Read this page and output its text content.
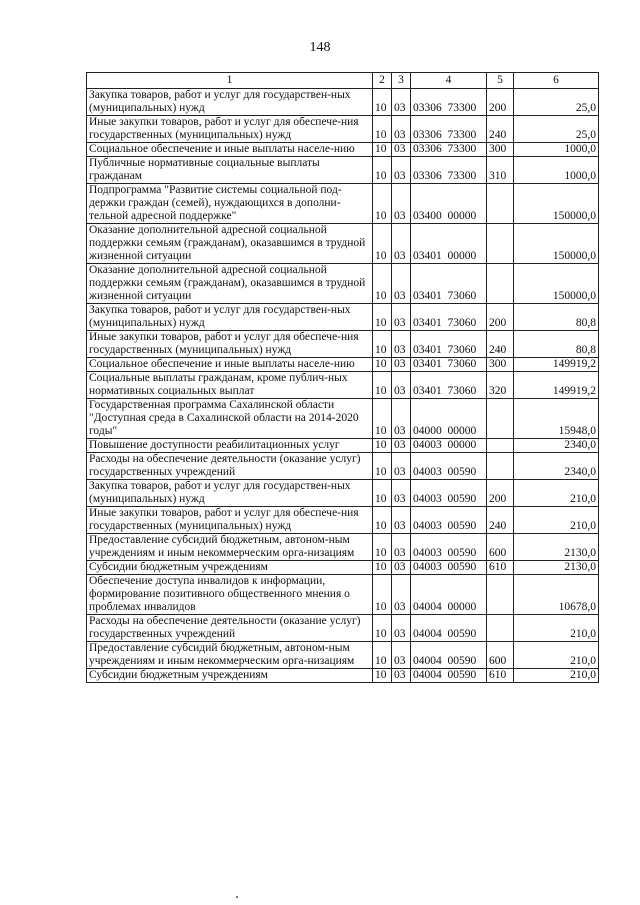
148
1	2	3	4	5	6
Закупка товаров, работ и услуг для государствен-ных (муниципальных) нужд	10	03	03306  73300	200	25,0
Иные закупки товаров, работ и услуг для обеспече-ния государственных (муниципальных) нужд	10	03	03306  73300	240	25,0
Социальное обеспечение и иные выплаты населе-нию	10	03	03306  73300	300	1000,0
Публичные нормативные социальные выплаты гражданам	10	03	03306  73300	310	1000,0
Подпрограмма "Развитие системы социальной под-держки граждан (семей), нуждающихся в дополни-тельной адресной поддержке"	10	03	03400  00000		150000,0
Оказание дополнительной адресной социальной поддержки семьям (гражданам), оказавшимся в трудной жизненной ситуации	10	03	03401  00000		150000,0
Оказание дополнительной адресной социальной поддержки семьям (гражданам), оказавшимся в трудной жизненной ситуации	10	03	03401  73060		150000,0
Закупка товаров, работ и услуг для государствен-ных (муниципальных) нужд	10	03	03401  73060	200	80,8
Иные закупки товаров, работ и услуг для обеспече-ния государственных (муниципальных) нужд	10	03	03401  73060	240	80,8
Социальное обеспечение и иные выплаты населе-нию	10	03	03401  73060	300	149919,2
Социальные выплаты гражданам, кроме публич-ных нормативных социальных выплат	10	03	03401  73060	320	149919,2
Государственная программа Сахалинской области "Доступная среда в Сахалинской области на 2014-2020 годы"	10	03	04000  00000		15948,0
Повышение доступности реабилитационных услуг	10	03	04003  00000		2340,0
Расходы на обеспечение деятельности (оказание услуг) государственных учреждений	10	03	04003  00590		2340,0
Закупка товаров, работ и услуг для государствен-ных (муниципальных) нужд	10	03	04003  00590	200	210,0
Иные закупки товаров, работ и услуг для обеспече-ния государственных (муниципальных) нужд	10	03	04003  00590	240	210,0
Предоставление субсидий бюджетным, автоном-ным учреждениям и иным некоммерческим орга-низациям	10	03	04003  00590	600	2130,0
Субсидии бюджетным учреждениям	10	03	04003  00590	610	2130,0
Обеспечение доступа инвалидов к информации, формирование позитивного общественного мнения о проблемах инвалидов	10	03	04004  00000		10678,0
Расходы на обеспечение деятельности (оказание услуг) государственных учреждений	10	03	04004  00590		210,0
Предоставление субсидий бюджетным, автоном-ным учреждениям и иным некоммерческим орга-низациям	10	03	04004  00590	600	210,0
Субсидии бюджетным учреждениям	10	03	04004  00590	610	210,0
